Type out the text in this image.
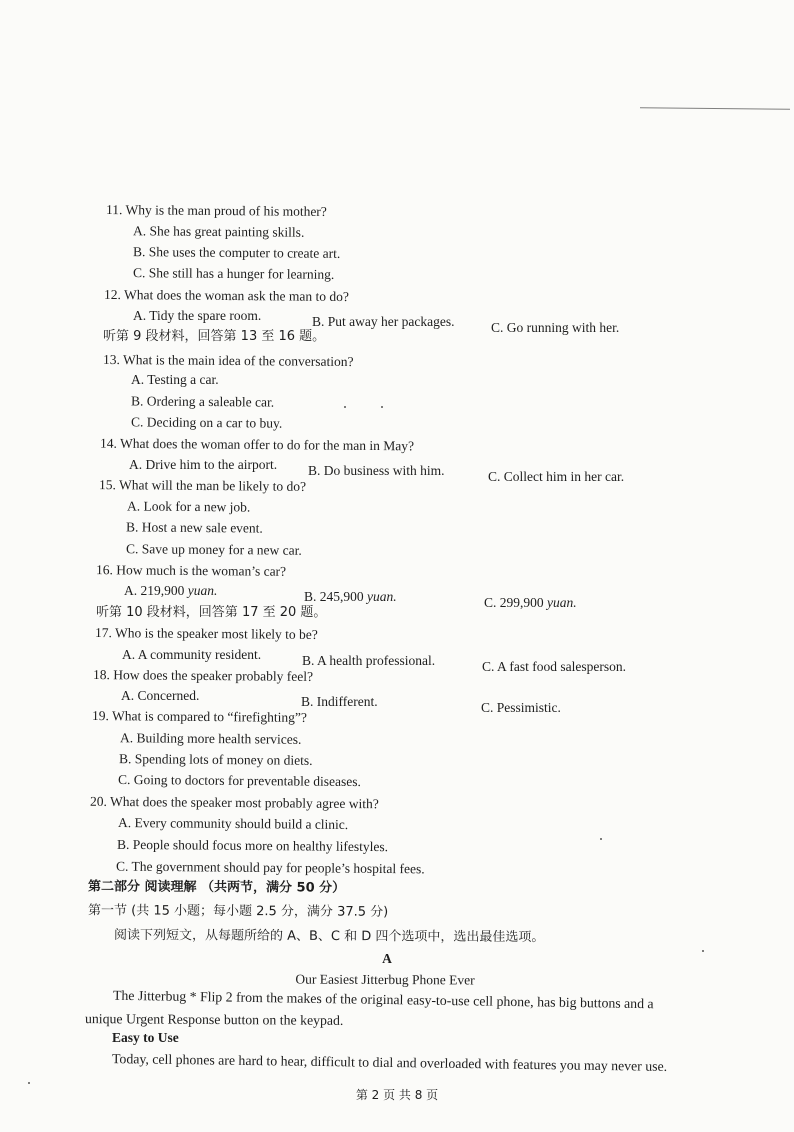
11. Why is the man proud of his mother?
A. She has great painting skills.
B. She uses the computer to create art.
C. She still has a hunger for learning.
12. What does the woman ask the man to do?
A. Tidy the spare room.	B. Put away her packages.	C. Go running with her.
听第 9 段材料，回答第 13 至 16 题。
13. What is the main idea of the conversation?
A. Testing a car.
B. Ordering a saleable car.
C. Deciding on a car to buy.
14. What does the woman offer to do for the man in May?
A. Drive him to the airport. B. Do business with him.	C. Collect him in her car.
15. What will the man be likely to do?
A. Look for a new job.
B. Host a new sale event.
C. Save up money for a new car.
16. How much is the woman’s car?
A. 219,900 yuan.	B. 245,900 yuan.	C. 299,900 yuan.
听第 10 段材料，回答第 17 至 20 题。
17. Who is the speaker most likely to be?
A. A community resident.	B. A health professional.	C. A fast food salesperson.
18. How does the speaker probably feel?
A. Concerned.	B. Indifferent.	C. Pessimistic.
19. What is compared to “firefighting”?
A. Building more health services.
B. Spending lots of money on diets.
C. Going to doctors for preventable diseases.
20. What does the speaker most probably agree with?
A. Every community should build a clinic.
B. People should focus more on healthy lifestyles.
C. The government should pay for people’s hospital fees.
第二部分 阅读理解 （共两节，满分 50 分）
第一节 (共 15 小题；每小题 2.5 分，满分 37.5 分)
阅读下列短文，从每题所给的 A、B、C 和 D 四个选项中，选出最佳选项。
A
Our Easiest Jitterbug Phone Ever
The Jitterbug * Flip 2 from the makes of the original easy-to-use cell phone, has big buttons and a
unique Urgent Response button on the keypad.
Easy to Use
Today, cell phones are hard to hear, difficult to dial and overloaded with features you may never use.
第 2 页 共 8 页
